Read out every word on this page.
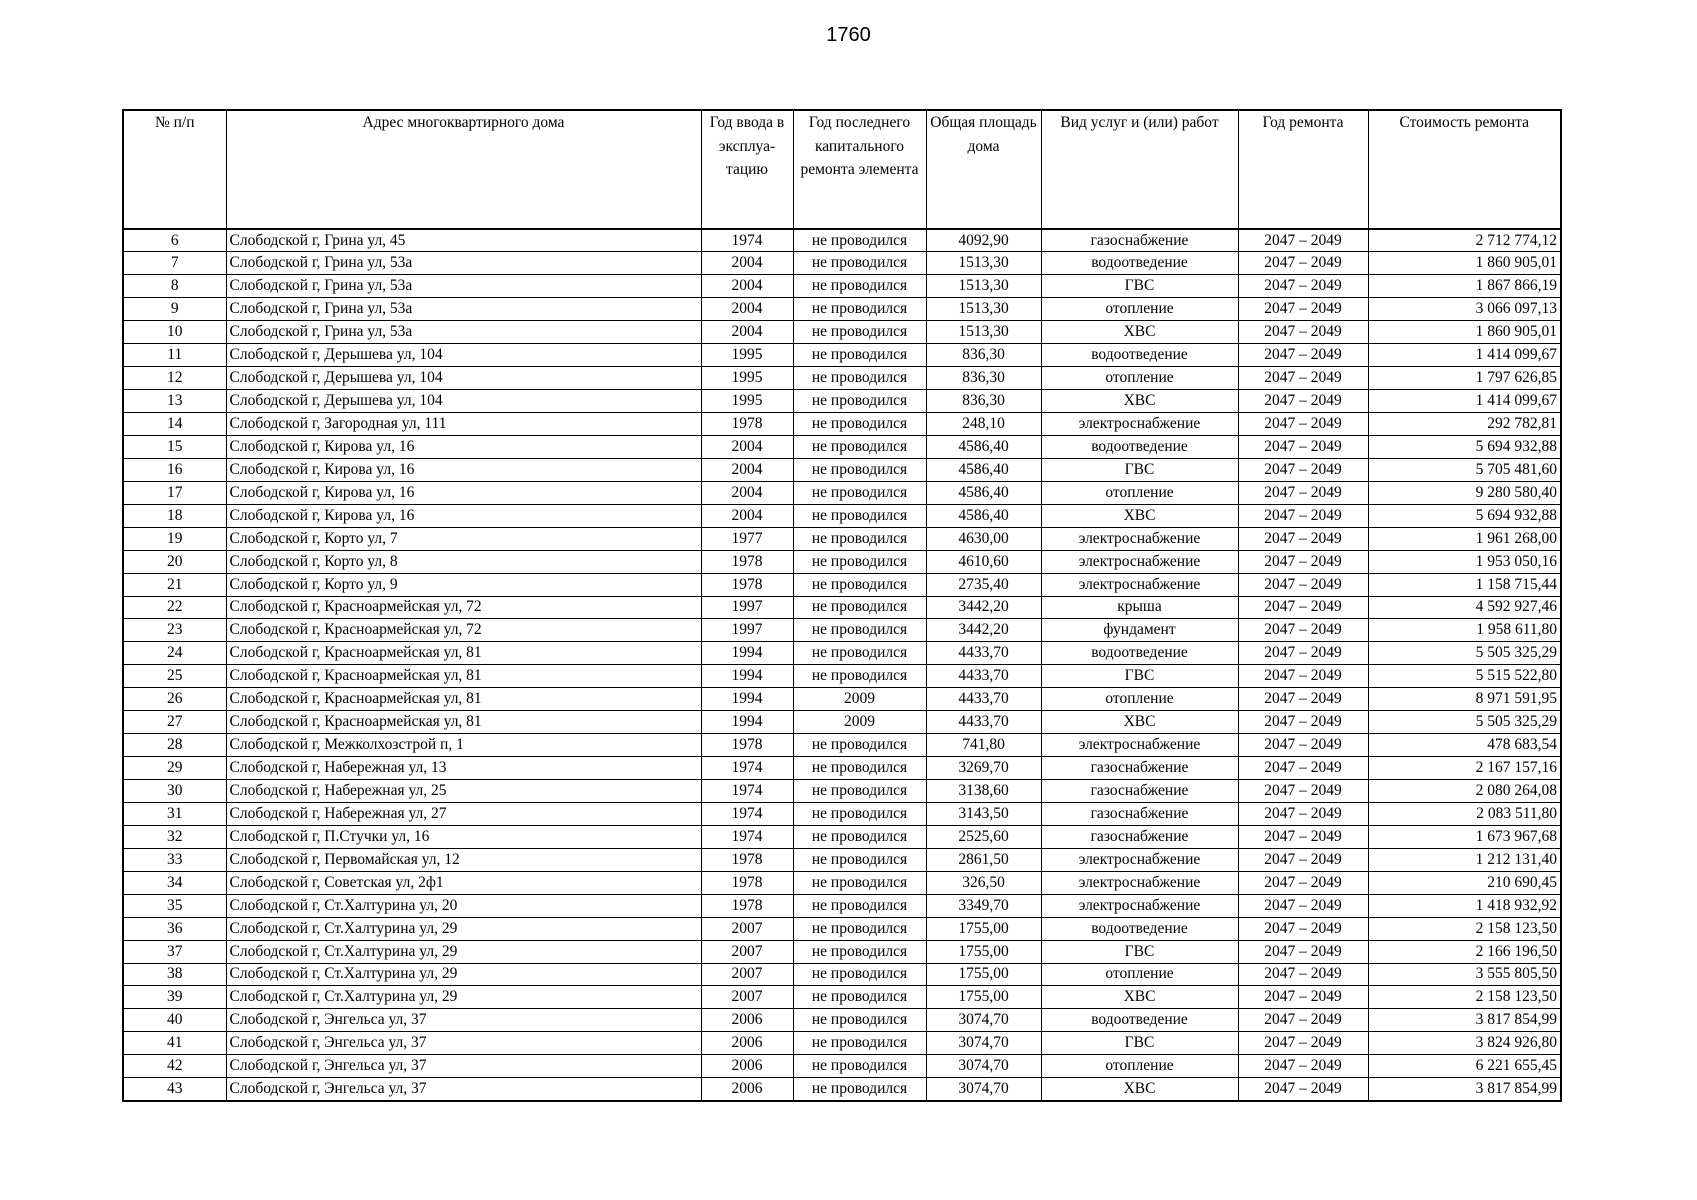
1760
№ п/п	Адрес многоквартирного дома	Год ввода в эксплуа-тацию	Год последнего капитального ремонта элемента	Общая площадь дома	Вид услуг и (или) работ	Год ремонта	Стоимость ремонта
6	Слободской г, Грина ул, 45	1974	не проводился	4092,90	газоснабжение	2047 – 2049	2 712 774,12
7	Слободской г, Грина ул, 53а	2004	не проводился	1513,30	водоотведение	2047 – 2049	1 860 905,01
8	Слободской г, Грина ул, 53а	2004	не проводился	1513,30	ГВС	2047 – 2049	1 867 866,19
9	Слободской г, Грина ул, 53а	2004	не проводился	1513,30	отопление	2047 – 2049	3 066 097,13
10	Слободской г, Грина ул, 53а	2004	не проводился	1513,30	ХВС	2047 – 2049	1 860 905,01
11	Слободской г, Дерышева ул, 104	1995	не проводился	836,30	водоотведение	2047 – 2049	1 414 099,67
12	Слободской г, Дерышева ул, 104	1995	не проводился	836,30	отопление	2047 – 2049	1 797 626,85
13	Слободской г, Дерышева ул, 104	1995	не проводился	836,30	ХВС	2047 – 2049	1 414 099,67
14	Слободской г, Загородная ул, 111	1978	не проводился	248,10	электроснабжение	2047 – 2049	292 782,81
15	Слободской г, Кирова ул, 16	2004	не проводился	4586,40	водоотведение	2047 – 2049	5 694 932,88
16	Слободской г, Кирова ул, 16	2004	не проводился	4586,40	ГВС	2047 – 2049	5 705 481,60
17	Слободской г, Кирова ул, 16	2004	не проводился	4586,40	отопление	2047 – 2049	9 280 580,40
18	Слободской г, Кирова ул, 16	2004	не проводился	4586,40	ХВС	2047 – 2049	5 694 932,88
19	Слободской г, Корто ул, 7	1977	не проводился	4630,00	электроснабжение	2047 – 2049	1 961 268,00
20	Слободской г, Корто ул, 8	1978	не проводился	4610,60	электроснабжение	2047 – 2049	1 953 050,16
21	Слободской г, Корто ул, 9	1978	не проводился	2735,40	электроснабжение	2047 – 2049	1 158 715,44
22	Слободской г, Красноармейская ул, 72	1997	не проводился	3442,20	крыша	2047 – 2049	4 592 927,46
23	Слободской г, Красноармейская ул, 72	1997	не проводился	3442,20	фундамент	2047 – 2049	1 958 611,80
24	Слободской г, Красноармейская ул, 81	1994	не проводился	4433,70	водоотведение	2047 – 2049	5 505 325,29
25	Слободской г, Красноармейская ул, 81	1994	не проводился	4433,70	ГВС	2047 – 2049	5 515 522,80
26	Слободской г, Красноармейская ул, 81	1994	2009	4433,70	отопление	2047 – 2049	8 971 591,95
27	Слободской г, Красноармейская ул, 81	1994	2009	4433,70	ХВС	2047 – 2049	5 505 325,29
28	Слободской г, Межколхозстрой п, 1	1978	не проводился	741,80	электроснабжение	2047 – 2049	478 683,54
29	Слободской г, Набережная ул, 13	1974	не проводился	3269,70	газоснабжение	2047 – 2049	2 167 157,16
30	Слободской г, Набережная ул, 25	1974	не проводился	3138,60	газоснабжение	2047 – 2049	2 080 264,08
31	Слободской г, Набережная ул, 27	1974	не проводился	3143,50	газоснабжение	2047 – 2049	2 083 511,80
32	Слободской г, П.Стучки ул, 16	1974	не проводился	2525,60	газоснабжение	2047 – 2049	1 673 967,68
33	Слободской г, Первомайская ул, 12	1978	не проводился	2861,50	электроснабжение	2047 – 2049	1 212 131,40
34	Слободской г, Советская ул, 2ф1	1978	не проводился	326,50	электроснабжение	2047 – 2049	210 690,45
35	Слободской г, Ст.Халтурина ул, 20	1978	не проводился	3349,70	электроснабжение	2047 – 2049	1 418 932,92
36	Слободской г, Ст.Халтурина ул, 29	2007	не проводился	1755,00	водоотведение	2047 – 2049	2 158 123,50
37	Слободской г, Ст.Халтурина ул, 29	2007	не проводился	1755,00	ГВС	2047 – 2049	2 166 196,50
38	Слободской г, Ст.Халтурина ул, 29	2007	не проводился	1755,00	отопление	2047 – 2049	3 555 805,50
39	Слободской г, Ст.Халтурина ул, 29	2007	не проводился	1755,00	ХВС	2047 – 2049	2 158 123,50
40	Слободской г, Энгельса ул, 37	2006	не проводился	3074,70	водоотведение	2047 – 2049	3 817 854,99
41	Слободской г, Энгельса ул, 37	2006	не проводился	3074,70	ГВС	2047 – 2049	3 824 926,80
42	Слободской г, Энгельса ул, 37	2006	не проводился	3074,70	отопление	2047 – 2049	6 221 655,45
43	Слободской г, Энгельса ул, 37	2006	не проводился	3074,70	ХВС	2047 – 2049	3 817 854,99
